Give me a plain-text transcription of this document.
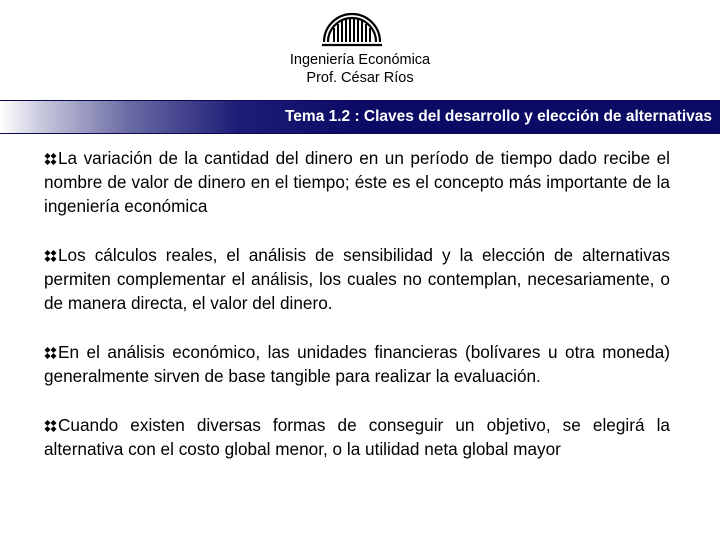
Ingeniería Económica
Prof. César Ríos
Tema 1.2 : Claves del desarrollo y elección de alternativas

La variación de la cantidad del dinero en un período de tiempo dado recibe el nombre de valor de dinero en el tiempo; éste es el concepto más importante de la ingeniería económica

Los cálculos reales, el análisis de sensibilidad y la elección de alternativas permiten complementar el análisis, los cuales no contemplan, necesariamente, o de manera directa, el valor del dinero.

En el análisis económico, las unidades financieras (bolívares u otra moneda) generalmente sirven de base tangible para realizar la evaluación.

Cuando existen diversas formas de conseguir un objetivo, se elegirá la alternativa con el costo global menor, o la utilidad neta global mayor
